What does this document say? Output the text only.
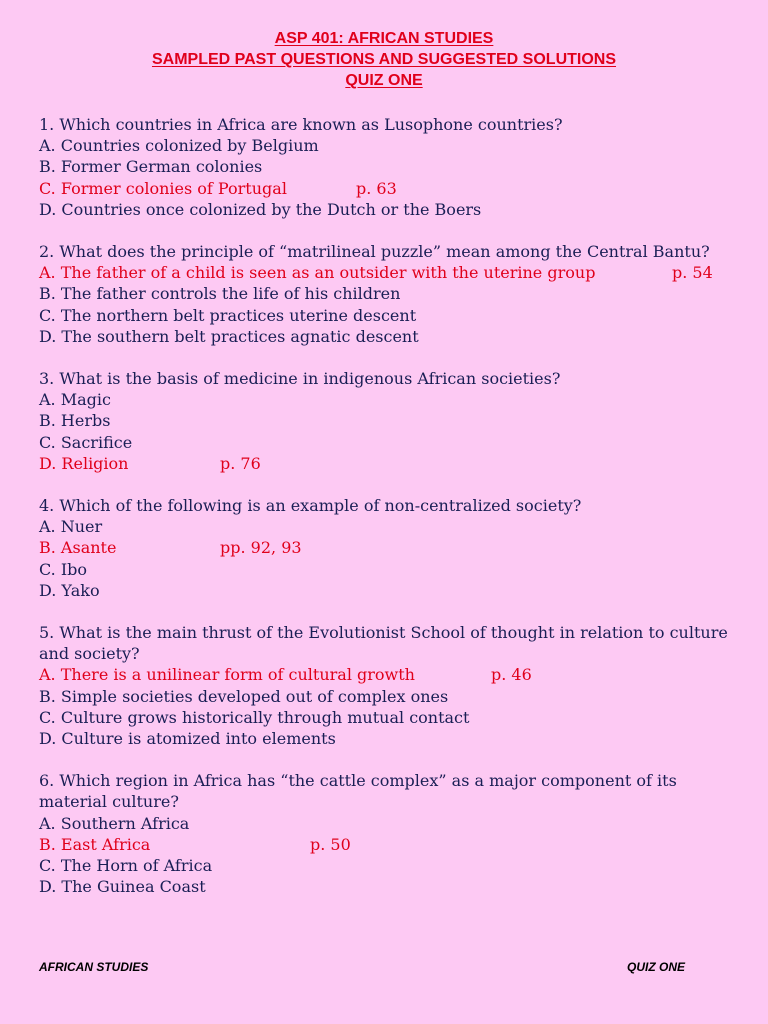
ASP 401: AFRICAN STUDIES
SAMPLED PAST QUESTIONS AND SUGGESTED SOLUTIONS
QUIZ ONE
1. Which countries in Africa are known as Lusophone countries?
A. Countries colonized by Belgium
B. Former German colonies
C. Former colonies of Portugal	p. 63
D. Countries once colonized by the Dutch or the Boers
2. What does the principle of “matrilineal puzzle” mean among the Central Bantu?
A. The father of a child is seen as an outsider with the uterine group	p. 54
B. The father controls the life of his children
C. The northern belt practices uterine descent
D. The southern belt practices agnatic descent
3. What is the basis of medicine in indigenous African societies?
A. Magic
B. Herbs
C. Sacrifice
D. Religion	p. 76
4. Which of the following is an example of non-centralized society?
A. Nuer
B. Asante	pp. 92, 93
C. Ibo
D. Yako
5. What is the main thrust of the Evolutionist School of thought in relation to culture and society?
A. There is a unilinear form of cultural growth	p. 46
B. Simple societies developed out of complex ones
C. Culture grows historically through mutual contact
D. Culture is atomized into elements
6. Which region in Africa has “the cattle complex” as a major component of its material culture?
A. Southern Africa
B. East Africa	p. 50
C. The Horn of Africa
D. The Guinea Coast
AFRICAN STUDIES	QUIZ ONE
